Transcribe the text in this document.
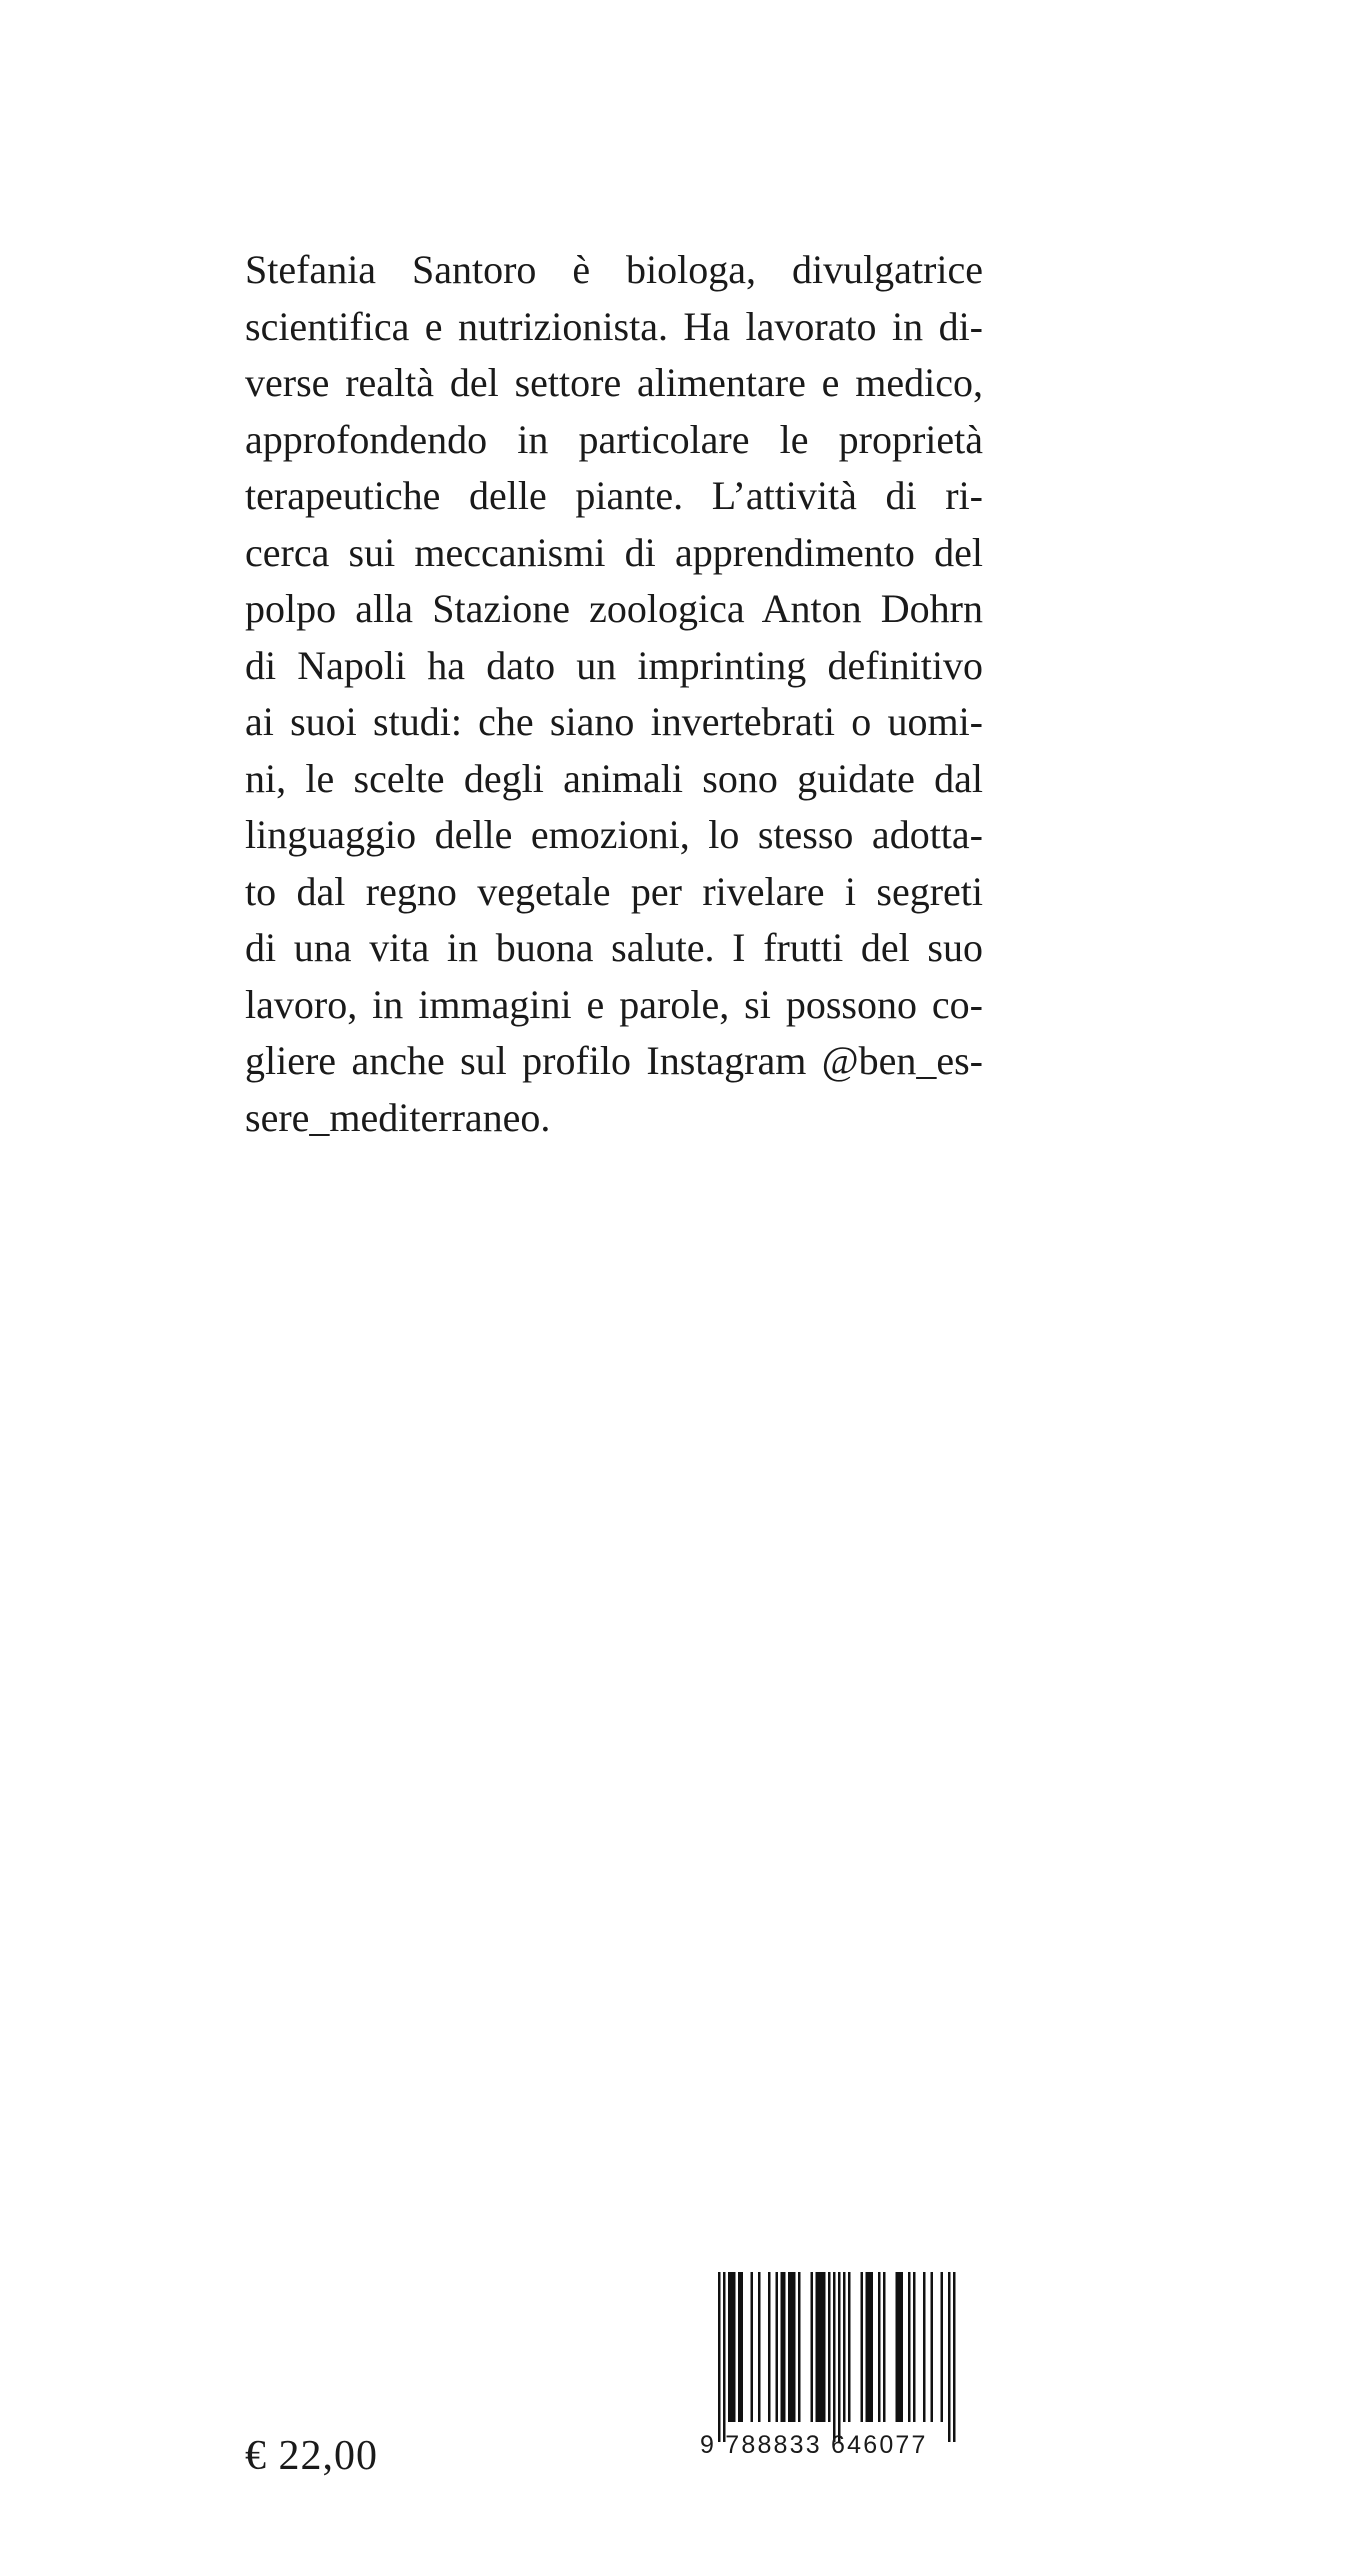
Stefania Santoro è biologa, divulgatrice
scientifica e nutrizionista. Ha lavorato in di-
verse realtà del settore alimentare e medico,
approfondendo in particolare le proprietà
terapeutiche delle piante. L’attività di ri-
cerca sui meccanismi di apprendimento del
polpo alla Stazione zoologica Anton Dohrn
di Napoli ha dato un imprinting definitivo
ai suoi studi: che siano invertebrati o uomi-
ni, le scelte degli animali sono guidate dal
linguaggio delle emozioni, lo stesso adotta-
to dal regno vegetale per rivelare i segreti
di una vita in buona salute. I frutti del suo
lavoro, in immagini e parole, si possono co-
gliere anche sul profilo Instagram @ben_es-
sere_mediterraneo.
€ 22,00	9 788833 646077
